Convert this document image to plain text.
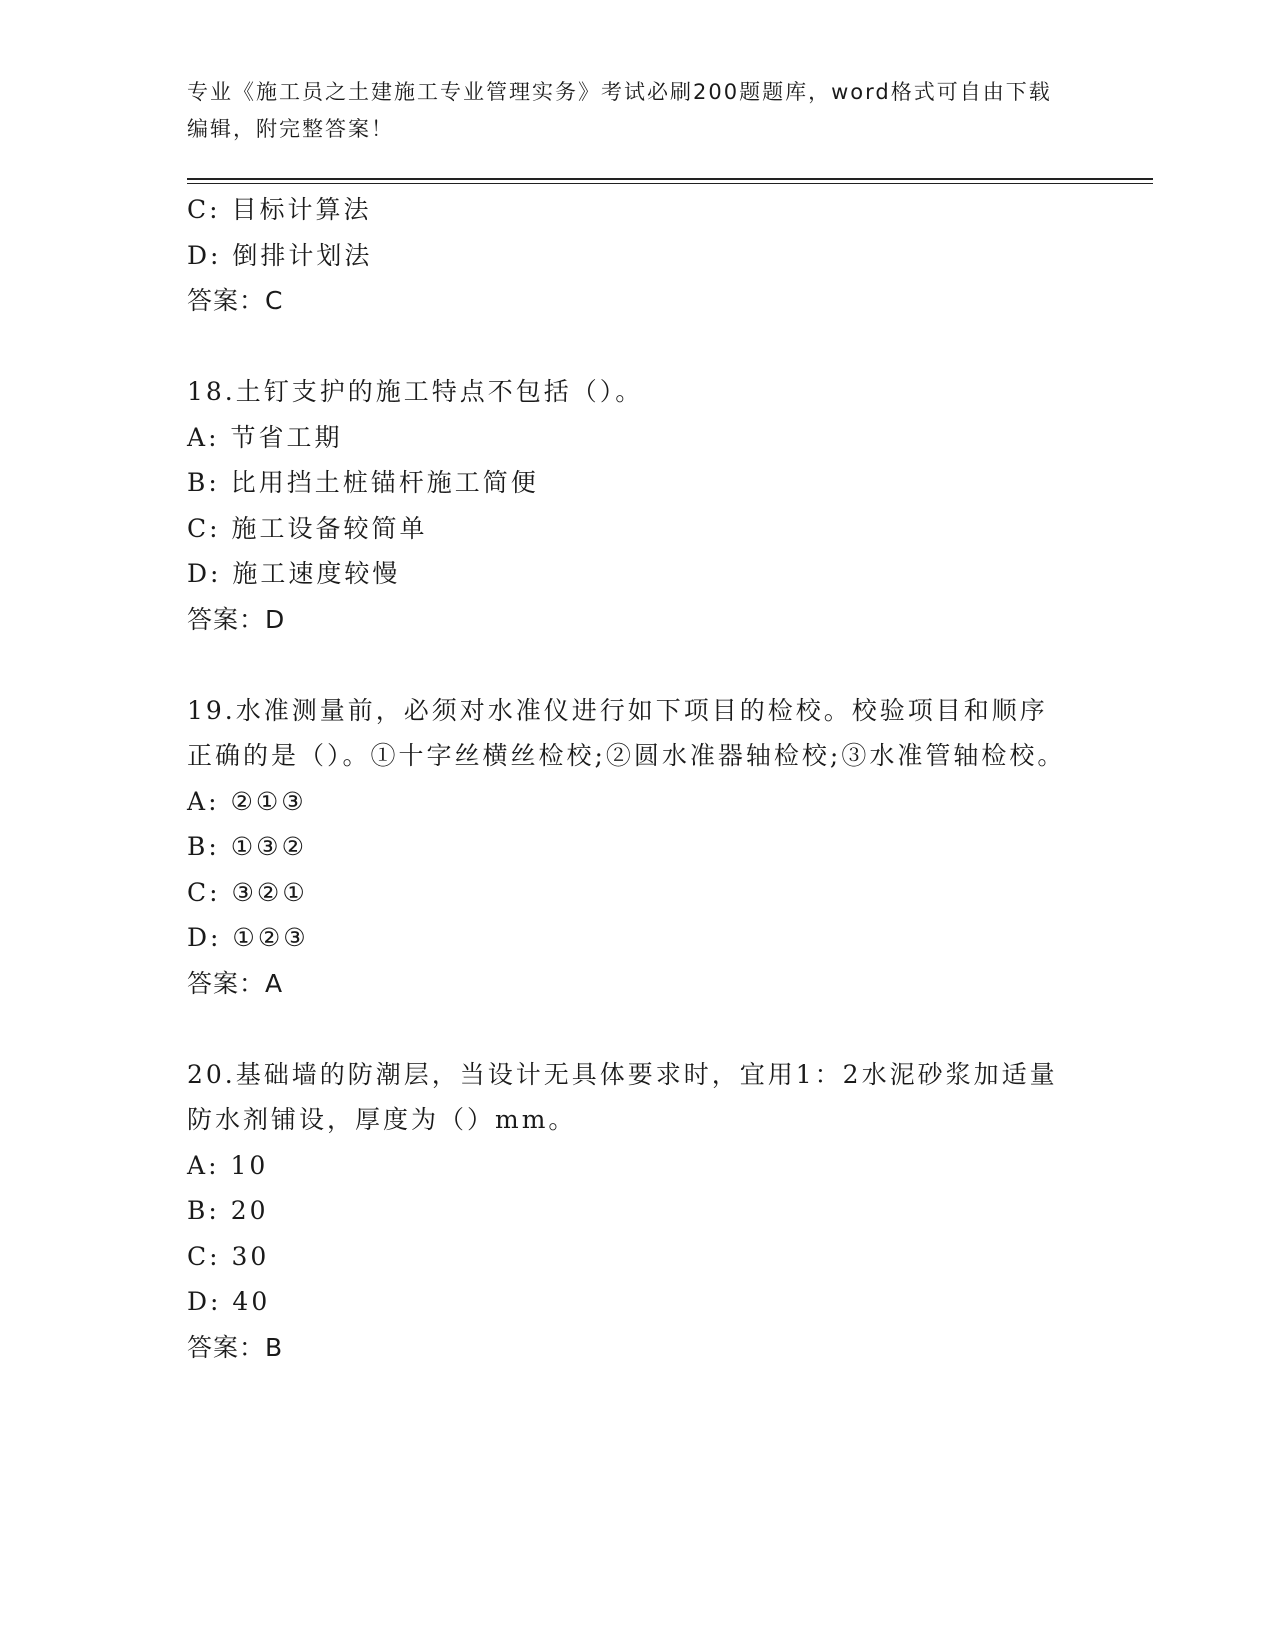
专业《施工员之土建施工专业管理实务》考试必刷200题题库，word格式可自由下载编辑，附完整答案！
C: 目标计算法
D: 倒排计划法
答案：C
18.土钉支护的施工特点不包括（）。
A: 节省工期
B: 比用挡土桩锚杆施工简便
C: 施工设备较简单
D: 施工速度较慢
答案：D
19.水准测量前，必须对水准仪进行如下项目的检校。校验项目和顺序正确的是（）。①十字丝横丝检校;②圆水准器轴检校;③水准管轴检校。
A: ②①③
B: ①③②
C: ③②①
D: ①②③
答案：A
20.基础墙的防潮层，当设计无具体要求时，宜用1：2水泥砂浆加适量防水剂铺设，厚度为（）mm。
A: 10
B: 20
C: 30
D: 40
答案：B
